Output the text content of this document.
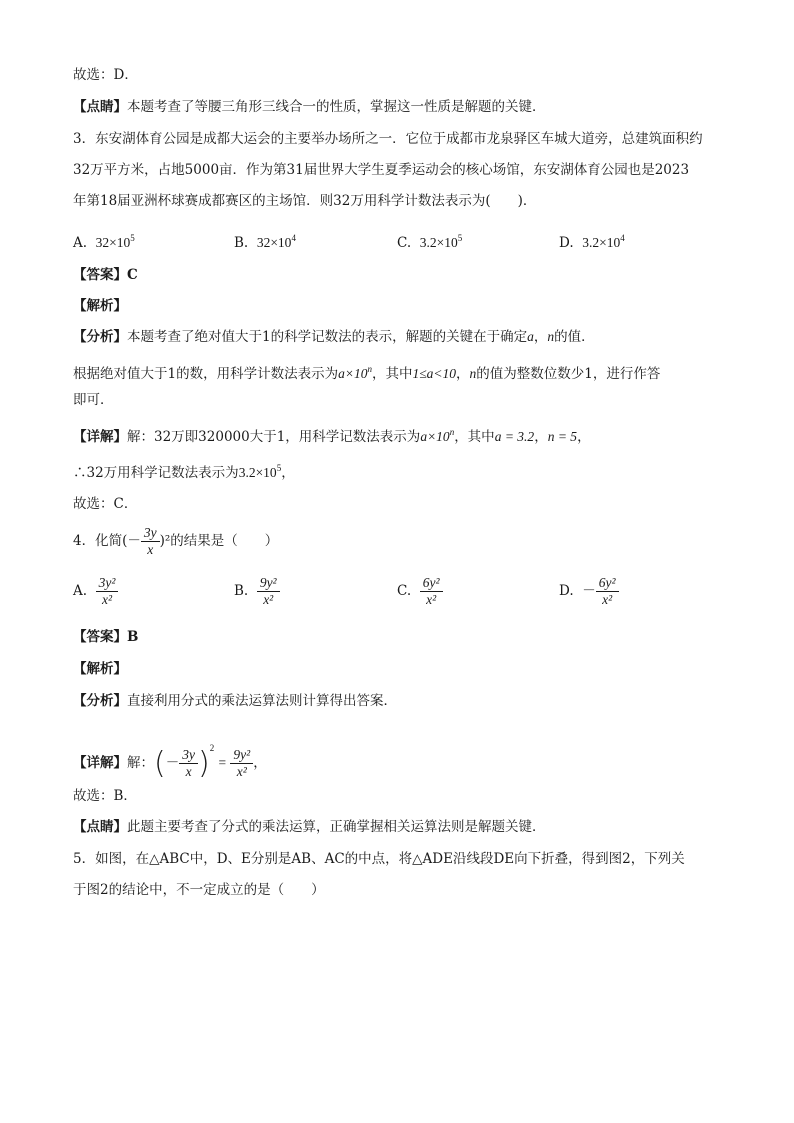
故选：D．
【点睛】本题考查了等腰三角形三线合一的性质，掌握这一性质是解题的关键．
3．东安湖体育公园是成都大运会的主要举办场所之一．它位于成都市龙泉驿区车城大道旁，总建筑面积约
32万平方米，占地5000亩．作为第31届世界大学生夏季运动会的核心场馆，东安湖体育公园也是2023
年第18届亚洲杯球赛成都赛区的主场馆．则32万用科学计数法表示为(　　)．
A. $32\times 10^5$	B. $32\times 10^4$	C. $3.2\times 10^5$	D. $3.2\times 10^4$
【答案】C
【解析】
【分析】本题考查了绝对值大于1的科学记数法的表示，解题的关键在于确定a，n的值．
根据绝对值大于1的数，用科学计数法表示为$a\times 10^n$，其中1≤a<10，n的值为整数位数少1，进行作答
即可．
【详解】解：32万即320000大于1，用科学记数法表示为$a\times 10^n$，其中a = 3.2，n = 5，
∴32万用科学记数法表示为$3.2\times 10^5$，
故选：C．
4．化简(－ $\frac{3y}{x} )^2$的结果是（　　）
A. $\frac{\text{3y²}}{\text{x²}}$	B. $\frac{\text{9y²}}{\text{x²}}$	C. $\frac{\text{6y²}}{\text{x²}}$	D. － $\frac{\text{6y²}}{\text{x²}}$
【答案】B
【解析】
【分析】直接利用分式的乘法运算法则计算得出答案．
【详解】解：(－ $\frac{3y}{x} )^2 = \frac{\text{9y²}}{\text{x²}}$ ，
故选：B．
【点睛】此题主要考查了分式的乘法运算，正确掌握相关运算法则是解题关键．
5．如图，在△ABC中，D、E分别是AB、AC的中点，将△ADE沿线段DE向下折叠，得到图2，下列关
于图2的结论中，不一定成立的是（　　）
